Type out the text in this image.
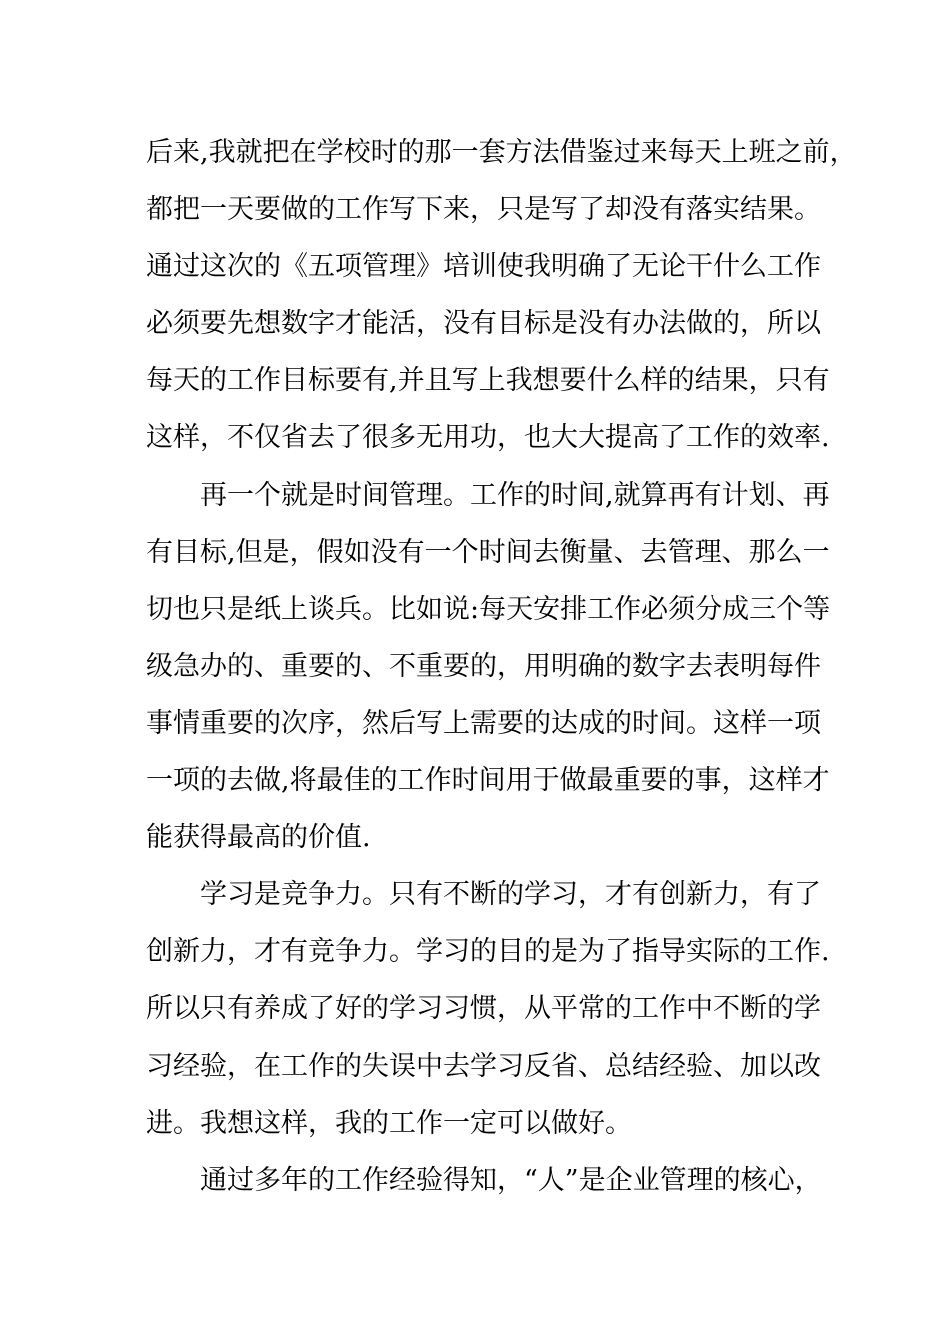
后来,我就把在学校时的那一套方法借鉴过来每天上班之前，
都把一天要做的工作写下来，只是写了却没有落实结果。
通过这次的《五项管理》培训使我明确了无论干什么工作
必须要先想数字才能活，没有目标是没有办法做的，所以
每天的工作目标要有,并且写上我想要什么样的结果，只有
这样，不仅省去了很多无用功，也大大提高了工作的效率.
再一个就是时间管理。工作的时间,就算再有计划、再
有目标,但是，假如没有一个时间去衡量、去管理、那么一
切也只是纸上谈兵。比如说:每天安排工作必须分成三个等
级急办的、重要的、不重要的，用明确的数字去表明每件
事情重要的次序，然后写上需要的达成的时间。这样一项
一项的去做,将最佳的工作时间用于做最重要的事，这样才
能获得最高的价值.
学习是竞争力。只有不断的学习，才有创新力，有了
创新力，才有竞争力。学习的目的是为了指导实际的工作.
所以只有养成了好的学习习惯，从平常的工作中不断的学
习经验，在工作的失误中去学习反省、总结经验、加以改
进。我想这样，我的工作一定可以做好。
通过多年的工作经验得知，“人”是企业管理的核心，
